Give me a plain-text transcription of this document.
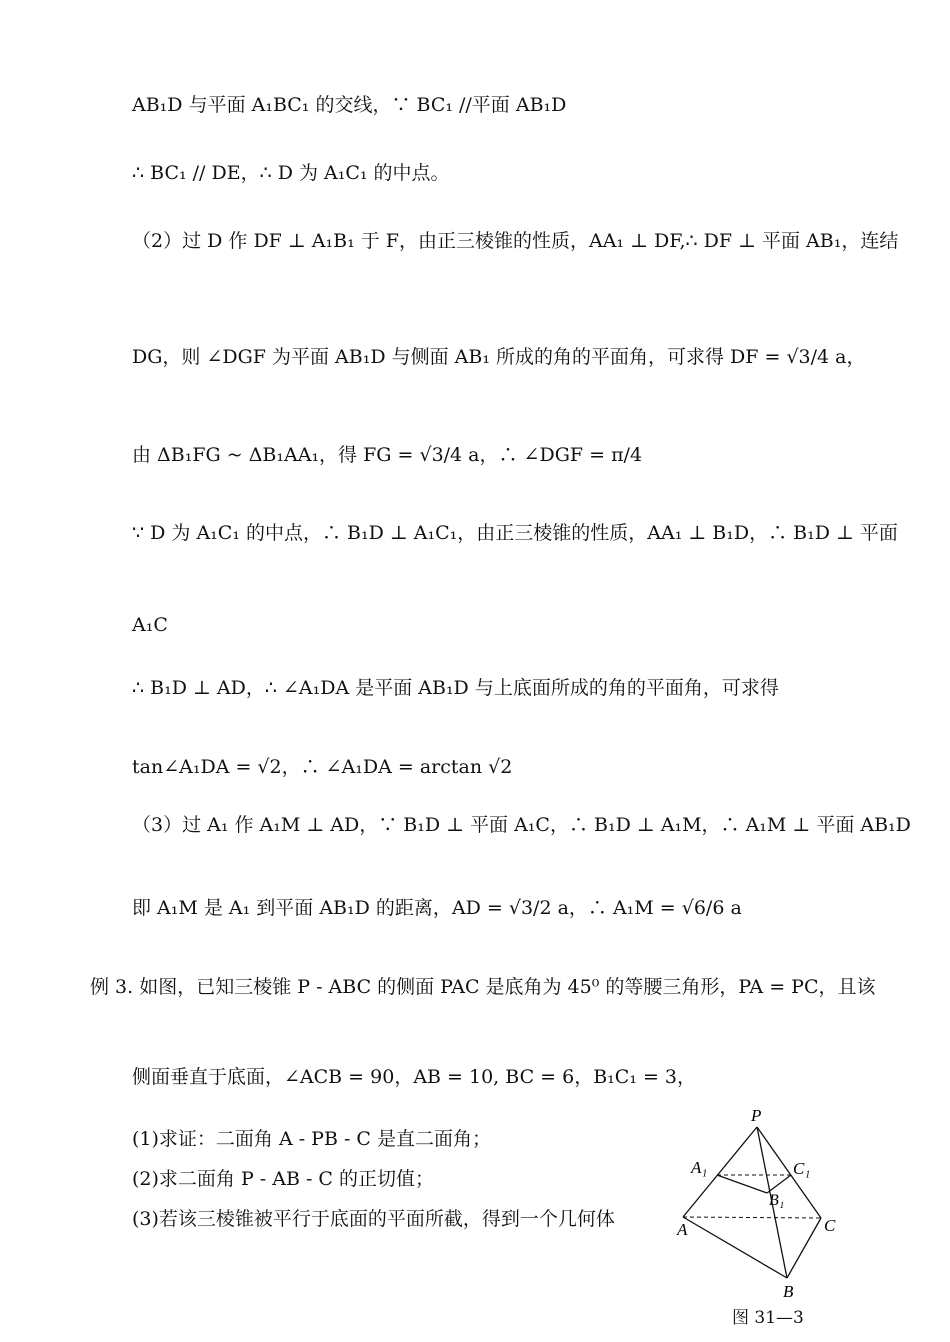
AB₁D 与平面 A₁BC₁ 的交线，∵ BC₁ //平面 AB₁D
∴ BC₁ // DE，∴ D 为 A₁C₁ 的中点。
（2）过 D 作 DF ⊥ A₁B₁ 于 F，由正三棱锥的性质，AA₁ ⊥ DF,∴ DF ⊥ 平面 AB₁，连结
DG，则 ∠DGF 为平面 AB₁D 与侧面 AB₁ 所成的角的平面角，可求得 DF = √3/4 a，
由 ΔB₁FG ~ ΔB₁AA₁，得 FG = √3/4 a，∴ ∠DGF = π/4
∵ D 为 A₁C₁ 的中点，∴ B₁D ⊥ A₁C₁，由正三棱锥的性质，AA₁ ⊥ B₁D，∴ B₁D ⊥ 平面
A₁C
∴ B₁D ⊥ AD，∴ ∠A₁DA 是平面 AB₁D 与上底面所成的角的平面角，可求得
tan∠A₁DA = √2，∴ ∠A₁DA = arctan √2
（3）过 A₁ 作 A₁M ⊥ AD，∵ B₁D ⊥ 平面 A₁C，∴ B₁D ⊥ A₁M，∴ A₁M ⊥ 平面 AB₁D
即 A₁M 是 A₁ 到平面 AB₁D 的距离，AD = √3/2 a，∴ A₁M = √6/6 a
例 3. 如图，已知三棱锥 P - ABC 的侧面 PAC 是底角为 45⁰ 的等腰三角形，PA = PC，且该
侧面垂直于底面，∠ACB = 90，AB = 10, BC = 6，B₁C₁ = 3，
(1)求证：二面角 A - PB - C 是直二面角；
(2)求二面角 P - AB - C 的正切值；
(3)若该三棱锥被平行于底面的平面所截，得到一个几何体
P
A₁	C₁
B₁
A	C
B
图 31—3
